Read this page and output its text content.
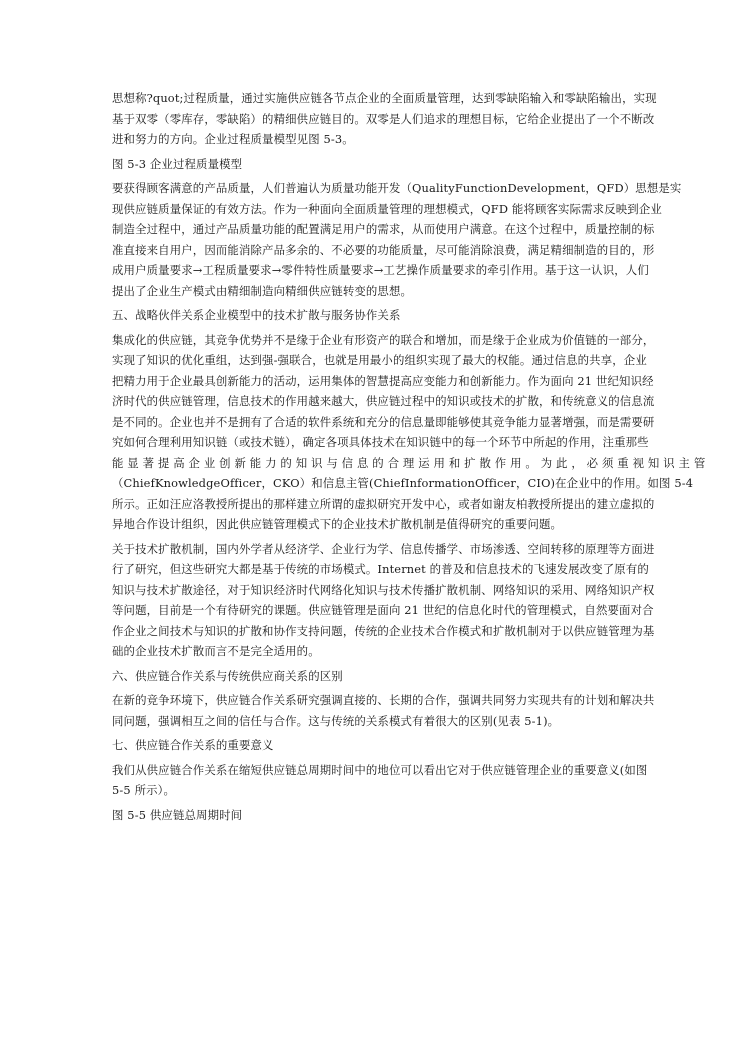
思想称?quot;过程质量，通过实施供应链各节点企业的全面质量管理，达到零缺陷输入和零缺陷输出，实现
基于双零（零库存，零缺陷）的精细供应链目的。双零是人们追求的理想目标，它给企业提出了一个不断改
进和努力的方向。企业过程质量模型见图 5-3。
图 5-3 企业过程质量模型
要获得顾客满意的产品质量，人们普遍认为质量功能开发（QualityFunctionDevelopment，QFD）思想是实
现供应链质量保证的有效方法。作为一种面向全面质量管理的理想模式，QFD 能将顾客实际需求反映到企业
制造全过程中，通过产品质量功能的配置满足用户的需求，从而使用户满意。在这个过程中，质量控制的标
准直接来自用户，因而能消除产品多余的、不必要的功能质量，尽可能消除浪费，满足精细制造的目的，形
成用户质量要求→工程质量要求→零件特性质量要求→工艺操作质量要求的牵引作用。基于这一认识，人们
提出了企业生产模式由精细制造向精细供应链转变的思想。
五、战略伙伴关系企业模型中的技术扩散与服务协作关系
集成化的供应链，其竞争优势并不是缘于企业有形资产的联合和增加，而是缘于企业成为价值链的一部分，
实现了知识的优化重组，达到强-强联合，也就是用最小的组织实现了最大的权能。通过信息的共享，企业
把精力用于企业最具创新能力的活动，运用集体的智慧提高应变能力和创新能力。作为面向 21 世纪知识经
济时代的供应链管理，信息技术的作用越来越大，供应链过程中的知识或技术的扩散，和传统意义的信息流
是不同的。企业也并不是拥有了合适的软件系统和充分的信息量即能够使其竞争能力显著增强，而是需要研
究如何合理利用知识链（或技术链），确定各项具体技术在知识链中的每一个环节中所起的作用，注重那些
能 显 著 提 高 企 业 创 新 能 力 的 知 识 与 信 息 的 合 理 运 用 和 扩 散 作 用 。 为 此 ， 必 须 重 视 知 识 主 管
（ChiefKnowledgeOfficer，CKO）和信息主管(ChiefInformationOfficer，CIO)在企业中的作用。如图 5-4
所示。正如汪应洛教授所提出的那样建立所谓的虚拟研究开发中心，或者如谢友柏教授所提出的建立虚拟的
异地合作设计组织，因此供应链管理模式下的企业技术扩散机制是值得研究的重要问题。
关于技术扩散机制，国内外学者从经济学、企业行为学、信息传播学、市场渗透、空间转移的原理等方面进
行了研究，但这些研究大都是基于传统的市场模式。Internet 的普及和信息技术的飞速发展改变了原有的
知识与技术扩散途径，对于知识经济时代网络化知识与技术传播扩散机制、网络知识的采用、网络知识产权
等问题，目前是一个有待研究的课题。供应链管理是面向 21 世纪的信息化时代的管理模式，自然要面对合
作企业之间技术与知识的扩散和协作支持问题，传统的企业技术合作模式和扩散机制对于以供应链管理为基
础的企业技术扩散而言不是完全适用的。
六、供应链合作关系与传统供应商关系的区别
在新的竞争环境下，供应链合作关系研究强调直接的、长期的合作，强调共同努力实现共有的计划和解决共
同问题，强调相互之间的信任与合作。这与传统的关系模式有着很大的区别(见表 5-1)。
七、供应链合作关系的重要意义
我们从供应链合作关系在缩短供应链总周期时间中的地位可以看出它对于供应链管理企业的重要意义(如图
5-5 所示）。
图 5-5 供应链总周期时间
